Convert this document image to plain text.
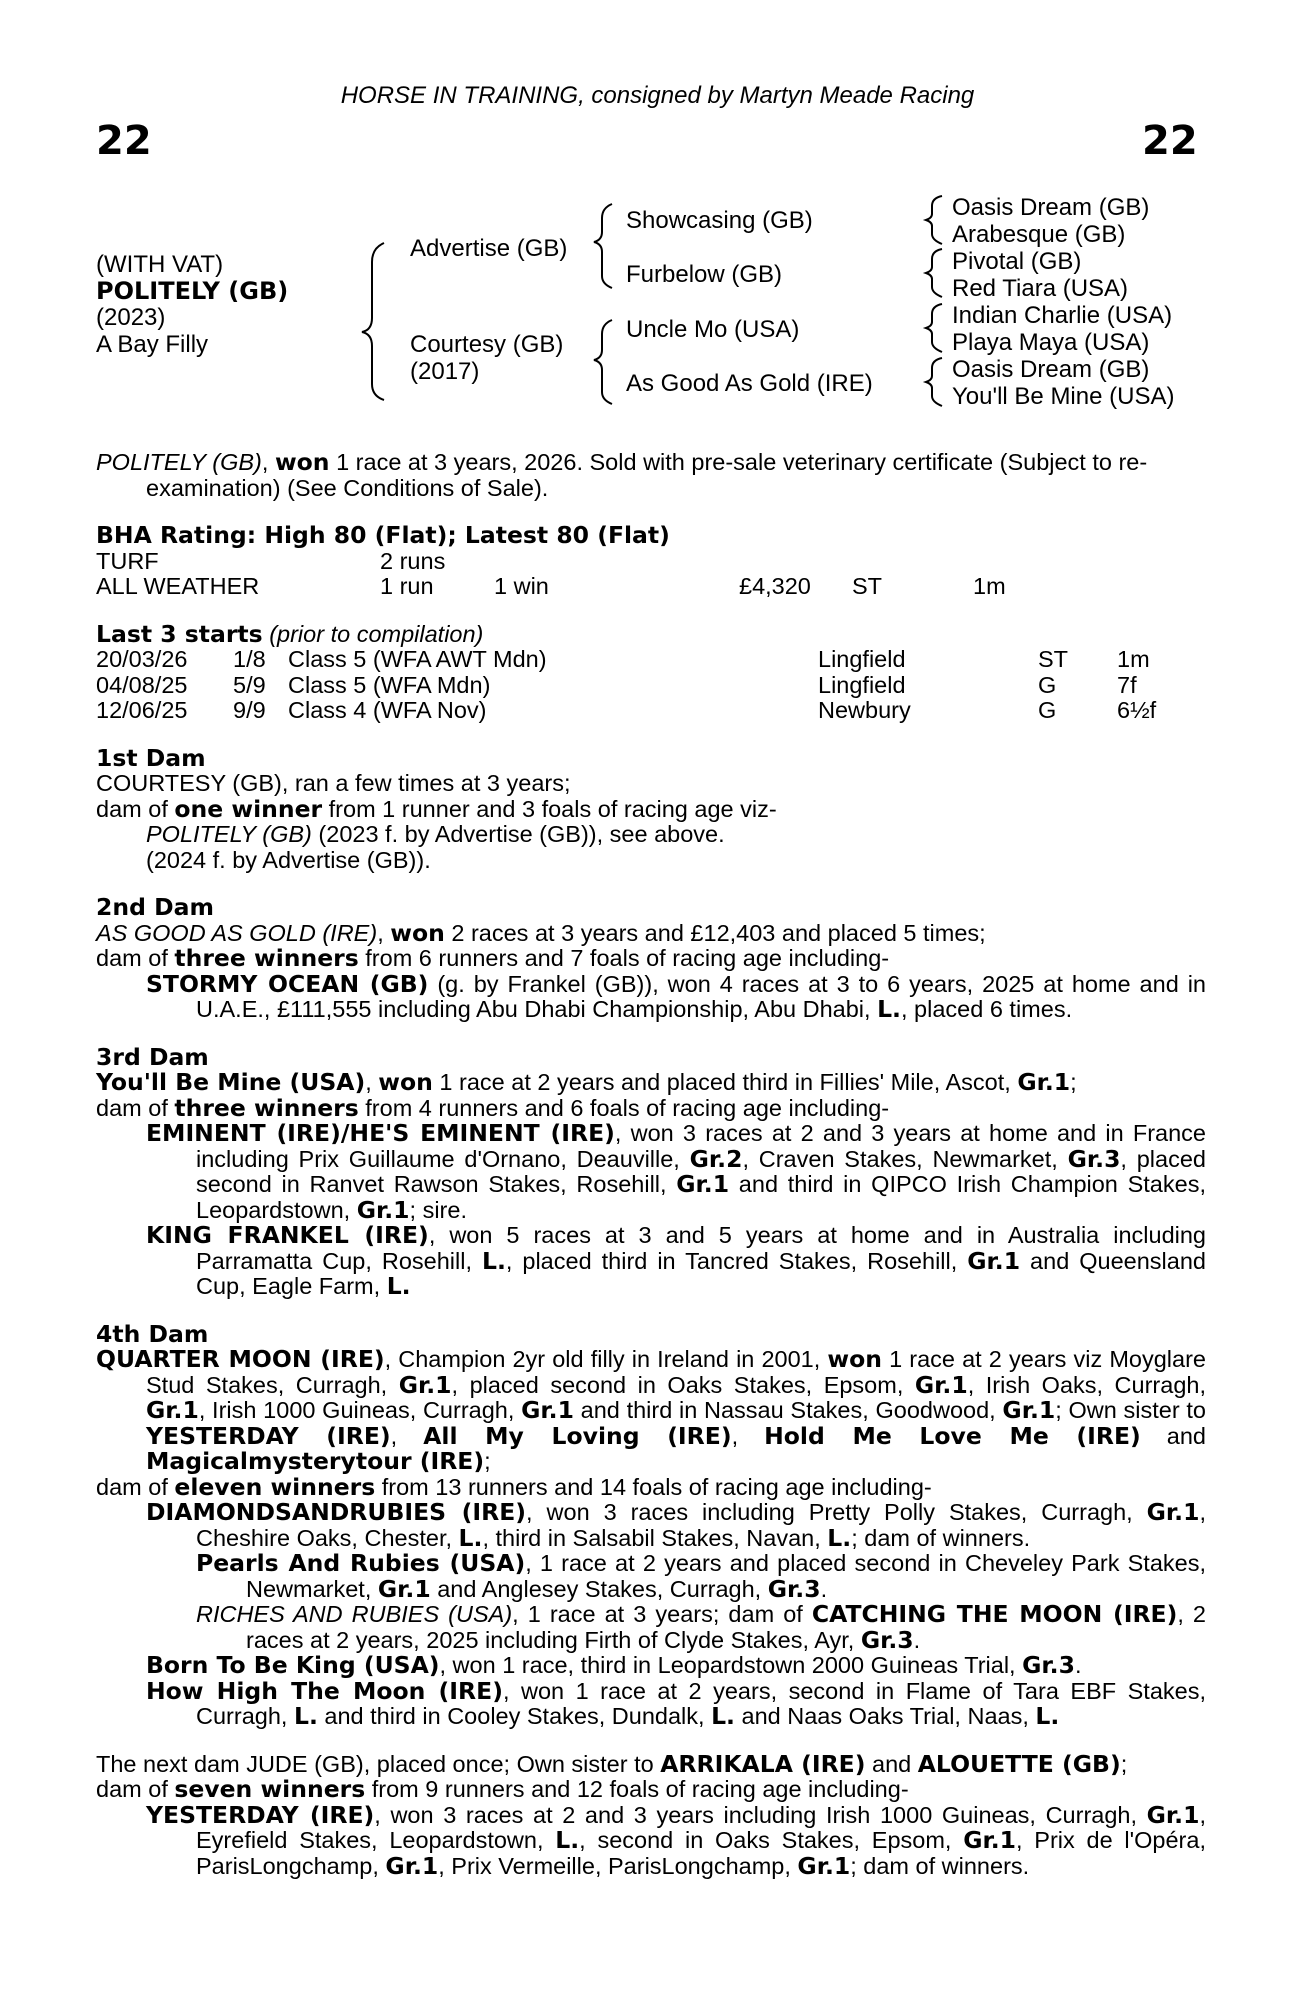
22
HORSE IN TRAINING, consigned by Martyn Meade Racing
22
(WITH VAT)
POLITELY (GB)
(2023)
A Bay Filly
Advertise (GB)
Courtesy (GB)
(2017)
Showcasing (GB)
Furbelow (GB)
Uncle Mo (USA)
As Good As Gold (IRE)
Oasis Dream (GB)
Arabesque (GB)
Pivotal (GB)
Red Tiara (USA)
Indian Charlie (USA)
Playa Maya (USA)
Oasis Dream (GB)
You'll Be Mine (USA)

POLITELY (GB), won 1 race at 3 years, 2026. Sold with pre-sale veterinary certificate (Subject to re-examination) (See Conditions of Sale).

BHA Rating: High 80 (Flat); Latest 80 (Flat)

TURF	2 runs
ALL WEATHER	1 run	1 win	£4,320 ST	1m

Last 3 starts (prior to compilation)

20/03/26 1/8 Class 5 (WFA AWT Mdn)	Lingfield	ST 1m
04/08/25 5/9 Class 5 (WFA Mdn)	Lingfield	G	7f
12/06/25 9/9 Class 4 (WFA Nov)	Newbury	G	6½f

1st Dam

COURTESY (GB), ran a few times at 3 years;

dam of one winner from 1 runner and 3 foals of racing age viz-

POLITELY (GB) (2023 f. by Advertise (GB)), see above.

(2024 f. by Advertise (GB)).

2nd Dam

AS GOOD AS GOLD (IRE), won 2 races at 3 years and £12,403 and placed 5 times;

dam of three winners from 6 runners and 7 foals of racing age including-

STORMY OCEAN (GB) (g. by Frankel (GB)), won 4 races at 3 to 6 years, 2025 at home and in U.A.E., £111,555 including Abu Dhabi Championship, Abu Dhabi, L., placed 6 times.

3rd Dam

You'll Be Mine (USA), won 1 race at 2 years and placed third in Fillies' Mile, Ascot, Gr.1;

dam of three winners from 4 runners and 6 foals of racing age including-

EMINENT (IRE)/HE'S EMINENT (IRE), won 3 races at 2 and 3 years at home and in France including Prix Guillaume d'Ornano, Deauville, Gr.2, Craven Stakes, Newmarket, Gr.3, placed second in Ranvet Rawson Stakes, Rosehill, Gr.1 and third in QIPCO Irish Champion Stakes, Leopardstown, Gr.1; sire.

KING FRANKEL (IRE), won 5 races at 3 and 5 years at home and in Australia including Parramatta Cup, Rosehill, L., placed third in Tancred Stakes, Rosehill, Gr.1 and Queensland Cup, Eagle Farm, L.

4th Dam

QUARTER MOON (IRE), Champion 2yr old filly in Ireland in 2001, won 1 race at 2 years viz Moyglare Stud Stakes, Curragh, Gr.1, placed second in Oaks Stakes, Epsom, Gr.1, Irish Oaks, Curragh, Gr.1, Irish 1000 Guineas, Curragh, Gr.1 and third in Nassau Stakes, Goodwood, Gr.1; Own sister to YESTERDAY (IRE), All My Loving (IRE), Hold Me Love Me (IRE) and Magicalmysterytour (IRE);

dam of eleven winners from 13 runners and 14 foals of racing age including-

DIAMONDSANDRUBIES (IRE), won 3 races including Pretty Polly Stakes, Curragh, Gr.1, Cheshire Oaks, Chester, L., third in Salsabil Stakes, Navan, L.; dam of winners.

Pearls And Rubies (USA), 1 race at 2 years and placed second in Cheveley Park Stakes, Newmarket, Gr.1 and Anglesey Stakes, Curragh, Gr.3.

RICHES AND RUBIES (USA), 1 race at 3 years; dam of CATCHING THE MOON (IRE), 2 races at 2 years, 2025 including Firth of Clyde Stakes, Ayr, Gr.3.

Born To Be King (USA), won 1 race, third in Leopardstown 2000 Guineas Trial, Gr.3.

How High The Moon (IRE), won 1 race at 2 years, second in Flame of Tara EBF Stakes, Curragh, L. and third in Cooley Stakes, Dundalk, L. and Naas Oaks Trial, Naas, L.

The next dam JUDE (GB), placed once; Own sister to ARRIKALA (IRE) and ALOUETTE (GB);

dam of seven winners from 9 runners and 12 foals of racing age including-

YESTERDAY (IRE), won 3 races at 2 and 3 years including Irish 1000 Guineas, Curragh, Gr.1, Eyrefield Stakes, Leopardstown, L., second in Oaks Stakes, Epsom, Gr.1, Prix de l'Opéra, ParisLongchamp, Gr.1, Prix Vermeille, ParisLongchamp, Gr.1; dam of winners.
